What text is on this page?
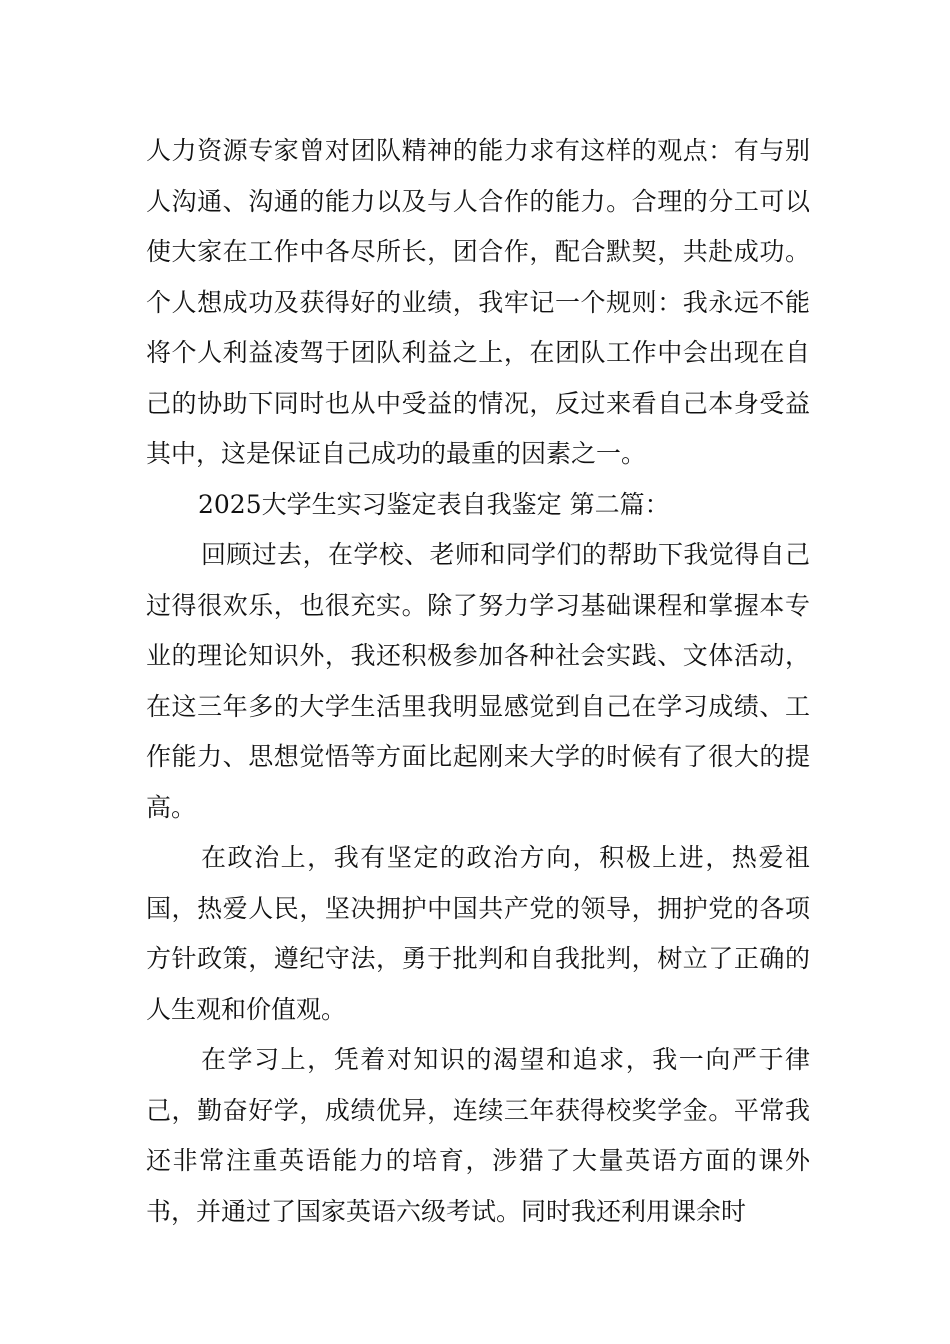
人力资源专家曾对团队精神的能力求有这样的观点：有与别人沟通、沟通的能力以及与人合作的能力。合理的分工可以使大家在工作中各尽所长，团合作，配合默契，共赴成功。个人想成功及获得好的业绩，我牢记一个规则：我永远不能将个人利益凌驾于团队利益之上，在团队工作中会出现在自己的协助下同时也从中受益的情况，反过来看自己本身受益其中，这是保证自己成功的最重的因素之一。

2025大学生实习鉴定表自我鉴定 第二篇：

回顾过去，在学校、老师和同学们的帮助下我觉得自己过得很欢乐，也很充实。除了努力学习基础课程和掌握本专业的理论知识外，我还积极参加各种社会实践、文体活动，在这三年多的大学生活里我明显感觉到自己在学习成绩、工作能力、思想觉悟等方面比起刚来大学的时候有了很大的提高。

在政治上，我有坚定的政治方向，积极上进，热爱祖国，热爱人民，坚决拥护中国共产党的领导，拥护党的各项方针政策，遵纪守法，勇于批判和自我批判，树立了正确的人生观和价值观。

在学习上，凭着对知识的渴望和追求，我一向严于律己，勤奋好学，成绩优异，连续三年获得校奖学金。平常我还非常注重英语能力的培育，涉猎了大量英语方面的课外书，并通过了国家英语六级考试。同时我还利用课余时
